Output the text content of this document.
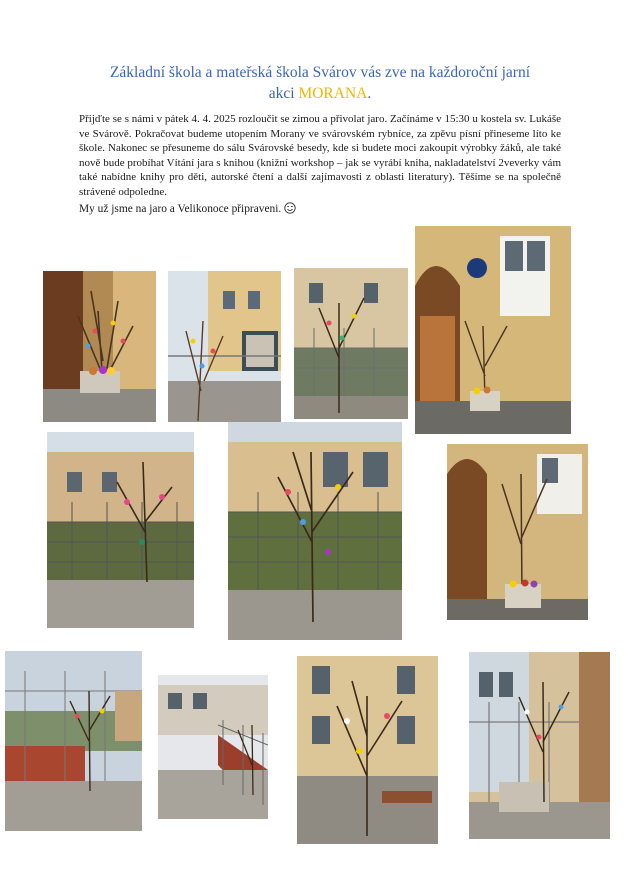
Základní škola a mateřská škola Svárov vás zve na každoroční jarní
akci MORANA.

Přijďte se s námi v pátek 4. 4. 2025 rozloučit se zimou a přivolat jaro. Začínáme v 15:30 u kostela sv. Lukáše ve Svárově. Pokračovat budeme utopením Morany ve svárovském rybníce, za zpěvu písní přineseme líto ke škole. Nakonec se přesuneme do sálu Svárovské besedy, kde si budete moci zakoupit výrobky žáků, ale také nově bude probíhat Vítání jara s knihou (knižní workshop – jak se vyrábí kniha, nakladatelství 2veverky vám také nabídne knihy pro děti, autorské čtení a další zajímavosti z oblasti literatury). Těšíme se na společně strávené odpoledne.

My už jsme na jaro a Velikonoce připraveni.
